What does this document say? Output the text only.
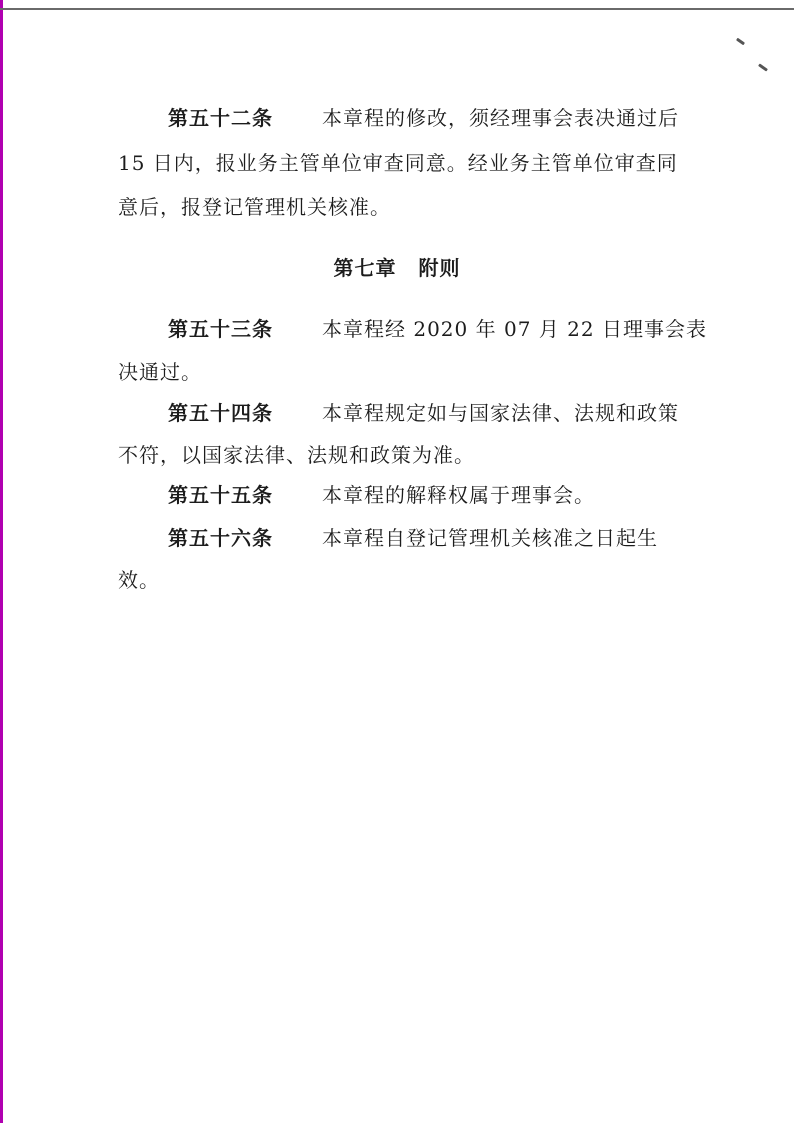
第五十二条 本章程的修改，须经理事会表决通过后
15 日内，报业务主管单位审查同意。经业务主管单位审查同
意后，报登记管理机关核准。
第七章 附则
第五十三条 本章程经 2020 年 07 月 22 日理事会表
决通过。
第五十四条 本章程规定如与国家法律、法规和政策
不符，以国家法律、法规和政策为准。
第五十五条 本章程的解释权属于理事会。
第五十六条 本章程自登记管理机关核准之日起生
效。
